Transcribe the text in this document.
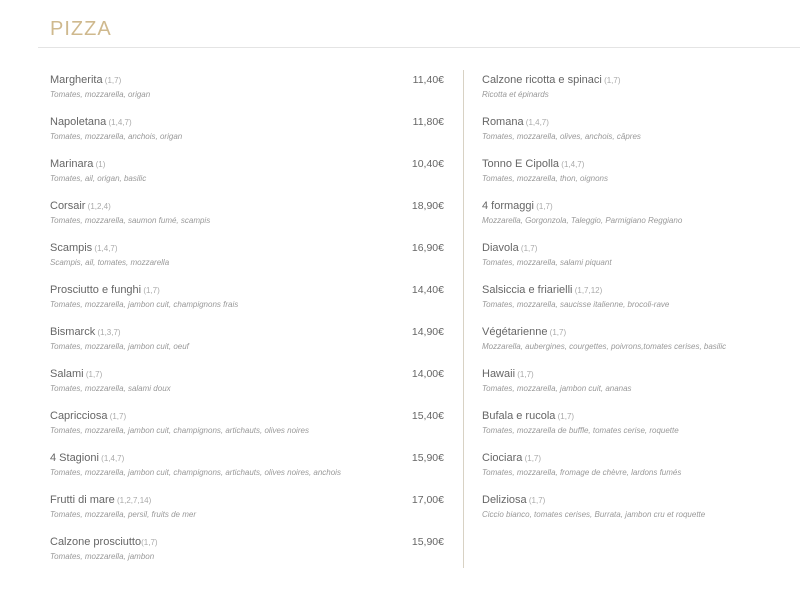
PIZZA
Margherita (1,7)
Tomates, mozzarella, origan
11,40€
Napoletana (1,4,7)
Tomates, mozzarella, anchois, origan
11,80€
Marinara (1)
Tomates, ail, origan, basilic
10,40€
Corsair (1,2,4)
Tomates, mozzarella, saumon fumé, scampis
18,90€
Scampis (1,4,7)
Scampis, ail, tomates, mozzarella
16,90€
Prosciutto e funghi (1,7)
Tomates, mozzarella, jambon cuit, champignons frais
14,40€
Bismarck (1,3,7)
Tomates, mozzarella, jambon cuit, oeuf
14,90€
Salami (1,7)
Tomates, mozzarella, salami doux
14,00€
Capricciosa (1,7)
Tomates, mozzarella, jambon cuit, champignons, artichauts, olives noires
15,40€
4 Stagioni (1,4,7)
Tomates, mozzarella, jambon cuit, champignons, artichauts, olives noires, anchois
15,90€
Frutti di mare (1,2,7,14)
Tomates, mozzarella, persil, fruits de mer
17,00€
Calzone prosciutto(1,7)
Tomates, mozzarella, jambon
15,90€
Calzone ricotta e spinaci (1,7)
Ricotta et épinards
Romana (1,4,7)
Tomates, mozzarella, olives, anchois, câpres
Tonno E Cipolla (1,4,7)
Tomates, mozzarella, thon, oignons
4 formaggi (1,7)
Mozzarella, Gorgonzola, Taleggio, Parmigiano Reggiano
Diavola (1,7)
Tomates, mozzarella, salami piquant
Salsiccia e friarielli (1,7,12)
Tomates, mozzarella, saucisse italienne, brocoli-rave
Végétarienne (1,7)
Mozzarella, aubergines, courgettes, poivrons,tomates cerises, basilic
Hawaii (1,7)
Tomates, mozzarella, jambon cuit, ananas
Bufala e rucola (1,7)
Tomates, mozzarella de buffle, tomates cerise, roquette
Ciociara (1,7)
Tomates, mozzarella, fromage de chèvre, lardons fumés
Deliziosa (1,7)
Ciccio bianco, tomates cerises, Burrata, jambon cru et roquette
